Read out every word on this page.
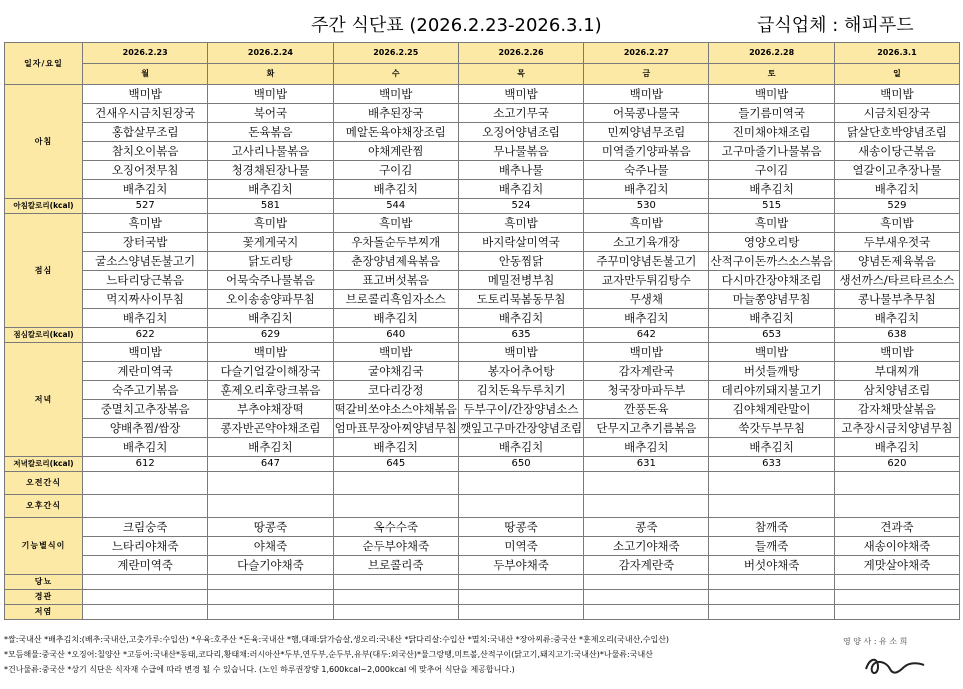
주간 식단표 (2026.2.23-2026.3.1)	급식업체 : 해피푸드
일자/요일	2026.2.23	2026.2.24	2026.2.25	2026.2.26	2026.2.27	2026.2.28	2026.3.1
	월	화	수	목	금	토	일
아침	백미밥	백미밥	백미밥	백미밥	백미밥	백미밥	백미밥
	건새우시금치된장국	북어국	배추된장국	소고기무국	어묵콩나물국	들기름미역국	시금치된장국
	홍합살무조림	돈육볶음	메알돈육야채장조림	오징어양념조림	민찌양념무조림	진미채야채조림	닭살단호박양념조림
	참치오이볶음	고사리나물볶음	야채계란찜	무나물볶음	미역줄기양파볶음	고구마줄기나물볶음	새송이당근볶음
	오징어젓무침	청경채된장나물	구이김	배추나물	숙주나물	구이김	열갈이고추장나물
	배추김치	배추김치	배추김치	배추김치	배추김치	배추김치	배추김치
아침칼로리(kcal)	527	581	544	524	530	515	529
점심	흑미밥	흑미밥	흑미밥	흑미밥	흑미밥	흑미밥	흑미밥
	장터국밥	꽃게게국지	우차돌순두부찌개	바지락살미역국	소고기육개장	영양오리탕	두부새우젓국
	굴소스양념돈불고기	닭도리탕	춘장양념제육볶음	안동찜닭	주꾸미양념돈불고기	산적구이돈까스소스볶음	양념돈제육볶음
	느타리당근볶음	어묵숙주나물볶음	표고버섯볶음	메밀전병부침	교자만두튀김탕수	다시마간장야채조림	생선까스/타르타르소스
	먹지짜사이무침	오이송송양파무침	브로콜리흑임자소스	도토리묵봄동무침	무생채	마늘쫑양념무침	콩나물부추무침
	배추김치	배추김치	배추김치	배추김치	배추김치	배추김치	배추김치
점심칼로리(kcal)	622	629	640	635	642	653	638
저녁	백미밥	백미밥	백미밥	백미밥	백미밥	백미밥	백미밥
	계란미역국	다슬기얼갈이해장국	굴야채김국	봉자어추어탕	감자계란국	버섯들깨탕	부대찌개
	숙주고기볶음	훈제오리후랑크볶음	코다리강정	김치돈육두루치기	청국장마파두부	데리야끼돼지불고기	삼치양념조림
	중멸치고추장볶음	부추야채장떡	떡갈비쏘야소스야채볶음	두부구이/간장양념소스	깐풍돈육	김야채계란말이	감자채맛살볶음
	양배추찜/쌈장	콩자반곤약야채조림	엄마표무장아찌양념무침	깻잎고구마간장양념조림	단무지고추기름볶음	쑥갓두부무침	고추장시금치양념무침
	배추김치	배추김치	배추김치	배추김치	배추김치	배추김치	배추김치
저녁칼로리(kcal)	612	647	645	650	631	633	620
오전간식							
오후간식							
기능별식이	크림숭죽	땅콩죽	옥수수죽	땅콩죽	콩죽	참깨죽	견과죽
	느타리야채죽	야채죽	순두부야채죽	미역죽	소고기야채죽	들깨죽	새송이야채죽
	계란미역죽	다슬기야채죽	브로콜리죽	두부야채죽	감자계란죽	버섯야채죽	게맛살야채죽
당뇨							
경관							
저염							
영 양 사 : 유 소 희
*쌀:국내산 *배추김치:(배추:국내산,고춧가루:수입산) *우육:호주산 *돈육:국내산 *햄,대패:닭가슴살,생오리:국내산 *닭다리살:수입산 *멸치:국내산 *장아찌류:중국산 *훈제오리(국내산,수입산)
*모듬해물:중국산 *오징어:칠양산 *고등어:국내산*동태,코다리,황태채:러시아산*두부,연두부,순두부,유부(대두:외국산)*물그랑땡,미트볼,산적구이(닭고기,돼지고기:국내산)*나물류:국내산
*건나물류:중국산 *상기 식단은 식자재 수급에 따라 변경 될 수 있습니다. (노인 하루권장량 1,600kcal~2,000kcal 에 맞추어 식단을 제공합니다.)
